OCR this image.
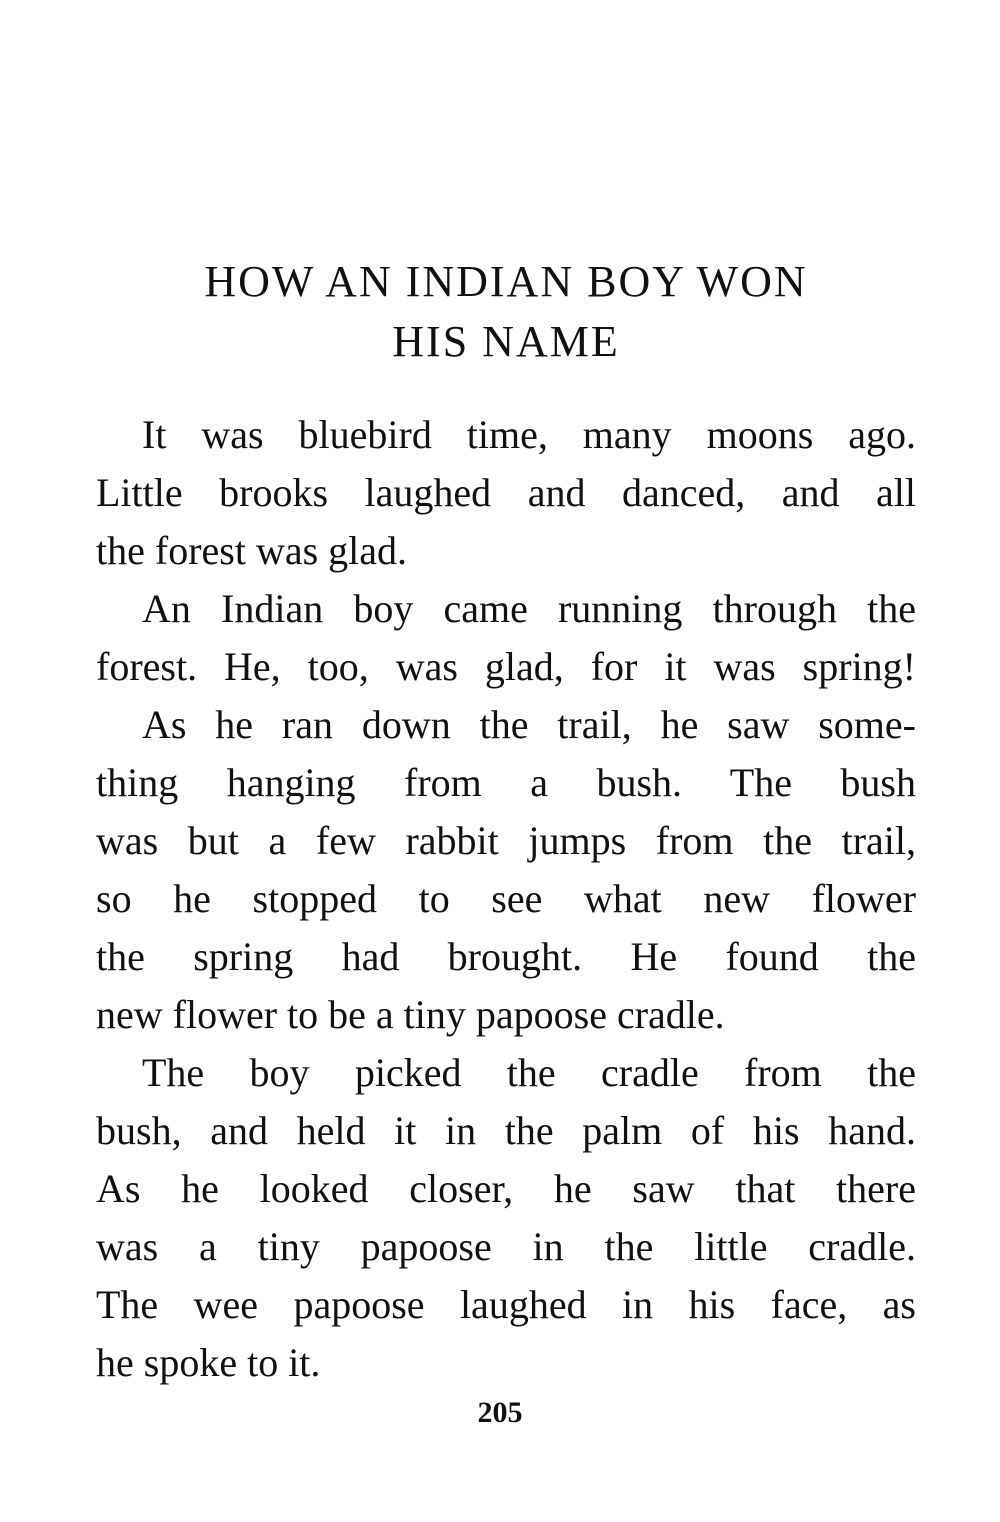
HOW AN INDIAN BOY WON
HIS NAME

It was bluebird time, many moons ago.
Little brooks laughed and danced, and all
the forest was glad.

An Indian boy came running through the
forest. He, too, was glad, for it was spring!

As he ran down the trail, he saw some-
thing hanging from a bush. The bush
was but a few rabbit jumps from the trail,
so he stopped to see what new flower
the spring had brought. He found the
new flower to be a tiny papoose cradle.

The boy picked the cradle from the
bush, and held it in the palm of his hand.
As he looked closer, he saw that there
was a tiny papoose in the little cradle.
The wee papoose laughed in his face, as
he spoke to it.

205
